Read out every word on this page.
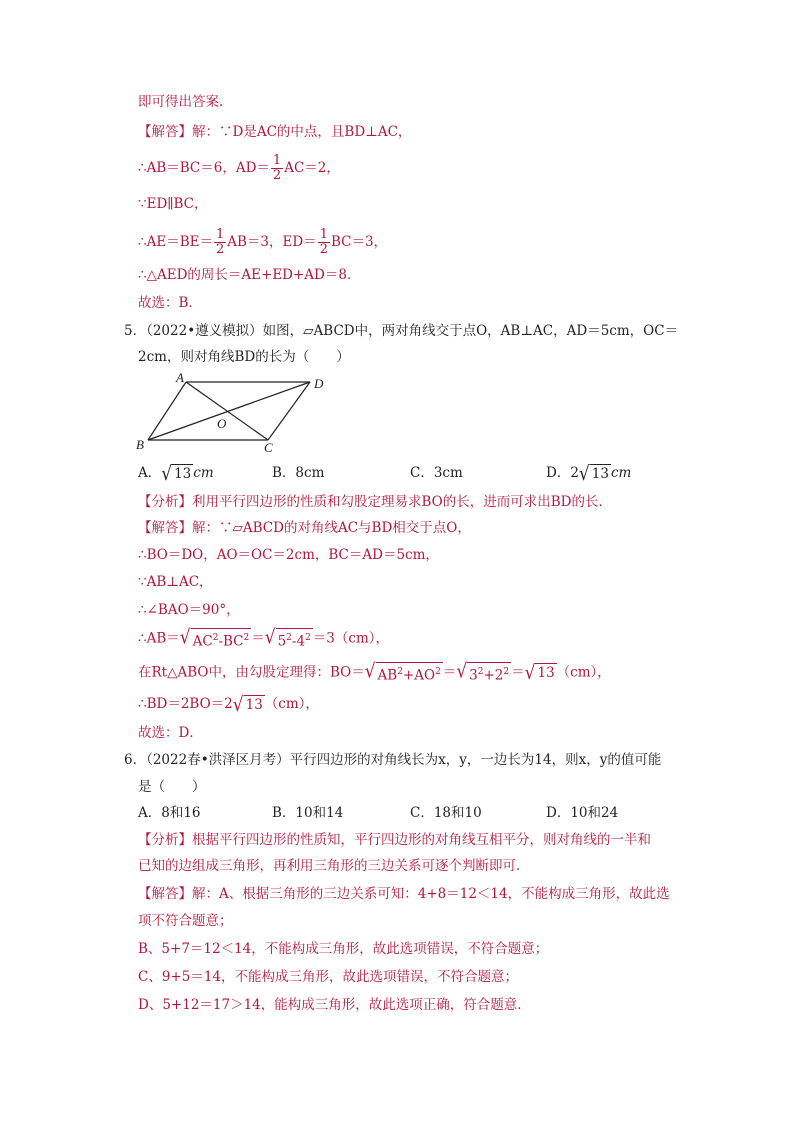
即可得出答案．
【解答】解：∵D是AC的中点，且BD⊥AC，
∴AB＝BC＝6，$AD= \frac{1}{2} AC=2$，
∵ED∥BC，
∴AE＝BE＝ $\frac{1}{2} AB=3$，$ED= \frac{1}{2} BC=3$，
∴△AED的周长＝AE+ED+AD＝8．
故选：B．
5．（2022•遵义模拟）如图，▱ABCD中，两对角线交于点O，AB⊥AC，AD＝5cm，OC＝
2cm，则对角线BD的长为（　　）
A
B	C
D
O
A． √ 13 cm	B．8cm	C．3cm	D．2 √ 13 cm
【分析】利用平行四边形的性质和勾股定理易求BO的长，进而可求出BD的长．
【解答】解：∵▱ABCD的对角线AC与BD相交于点O，
∴BO＝DO，AO＝OC＝2cm，BC＝AD＝5cm，
∵AB⊥AC，
∴∠BAO＝90°，
∴AB＝ √ $AC^2-BC^2$ ＝ √ $5^2-4^2 =3(cm)$，
在Rt△ABO中，由勾股定理得：BO＝ √ $AB^2+AO^2$ ＝ √ $3^2+2^2$ ＝ √ 13 （cm），
∴BD＝2BO＝2 √ 13 （cm），
故选：D．
6．（2022春•洪泽区月考）平行四边形的对角线长为x，y，一边长为14，则x，y的值可能
是（　　）
A．8和16	B．10和14	C．18和10	D．10和24
【分析】根据平行四边形的性质知，平行四边形的对角线互相平分，则对角线的一半和
已知的边组成三角形，再利用三角形的三边关系可逐个判断即可．
【解答】解：A、根据三角形的三边关系可知：4+8＝12＜14，不能构成三角形，故此选
项不符合题意；
B、5+7＝12＜14，不能构成三角形，故此选项错误，不符合题意；
C、9+5＝14，不能构成三角形，故此选项错误，不符合题意；
D、5+12＝17＞14，能构成三角形，故此选项正确，符合题意．
